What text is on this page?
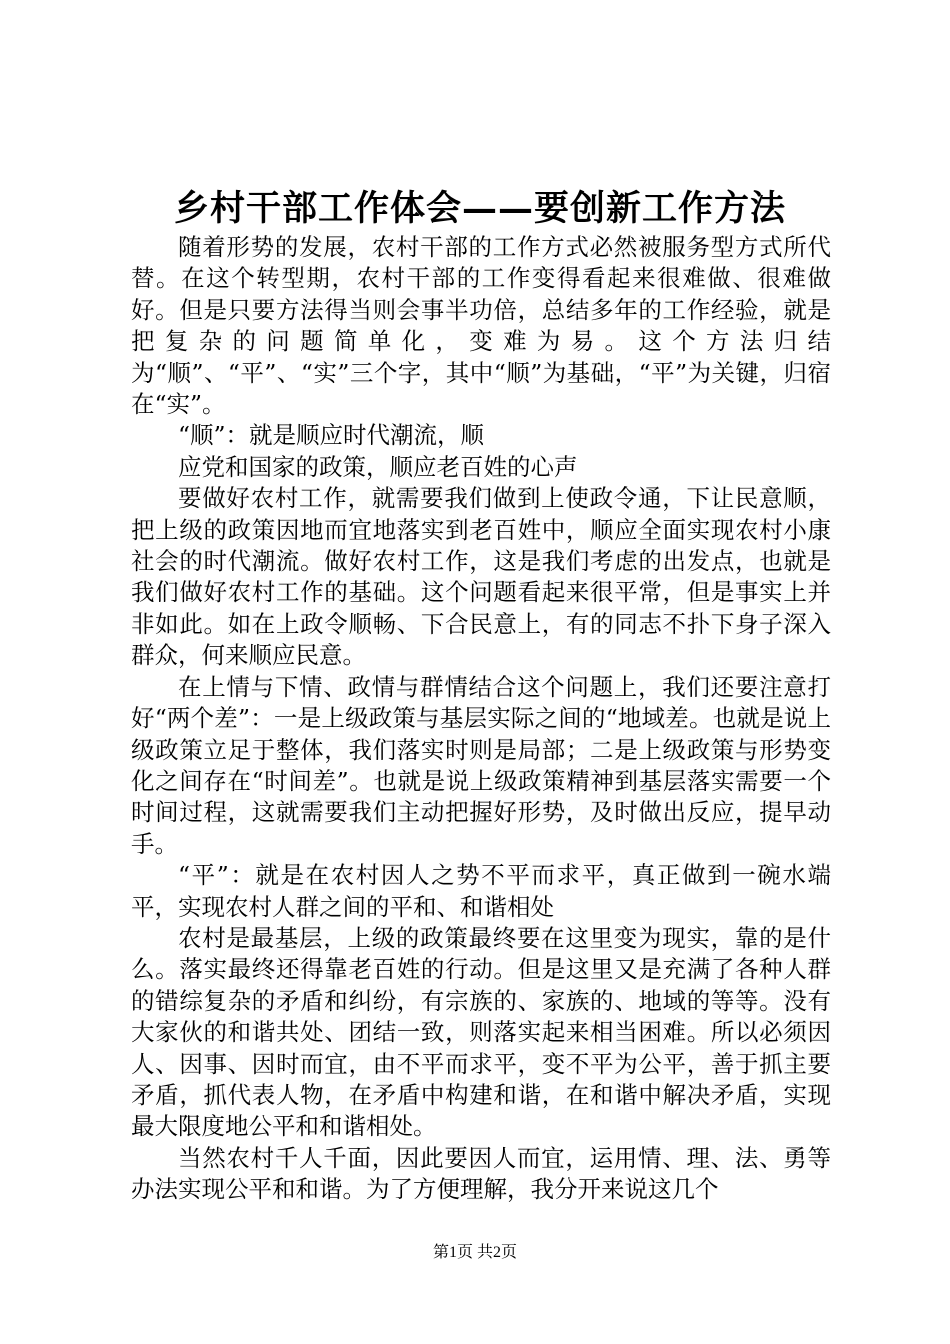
乡村干部工作体会——要创新工作方法

随着形势的发展，农村干部的工作方式必然被服务型方式所代替。在这个转型期，农村干部的工作变得看起来很难做、很难做好。但是只要方法得当则会事半功倍，总结多年的工作经验，就是把复杂的问题简单化，变难为易。这个方法归结为“顺”、“平”、“实”三个字，其中“顺”为基础，“平”为关键，归宿在“实”。

“顺”：就是顺应时代潮流，顺

应党和国家的政策，顺应老百姓的心声

要做好农村工作，就需要我们做到上使政令通，下让民意顺，把上级的政策因地而宜地落实到老百姓中，顺应全面实现农村小康社会的时代潮流。做好农村工作，这是我们考虑的出发点，也就是我们做好农村工作的基础。这个问题看起来很平常，但是事实上并非如此。如在上政令顺畅、下合民意上，有的同志不扑下身子深入群众，何来顺应民意。

在上情与下情、政情与群情结合这个问题上，我们还要注意打好“两个差”：一是上级政策与基层实际之间的“地域差。也就是说上级政策立足于整体，我们落实时则是局部；二是上级政策与形势变化之间存在“时间差”。也就是说上级政策精神到基层落实需要一个时间过程，这就需要我们主动把握好形势，及时做出反应，提早动手。

“平”：就是在农村因人之势不平而求平，真正做到一碗水端平，实现农村人群之间的平和、和谐相处

农村是最基层，上级的政策最终要在这里变为现实，靠的是什么。落实最终还得靠老百姓的行动。但是这里又是充满了各种人群的错综复杂的矛盾和纠纷，有宗族的、家族的、地域的等等。没有大家伙的和谐共处、团结一致，则落实起来相当困难。所以必须因人、因事、因时而宜，由不平而求平，变不平为公平，善于抓主要矛盾，抓代表人物，在矛盾中构建和谐，在和谐中解决矛盾，实现最大限度地公平和和谐相处。

当然农村千人千面，因此要因人而宜，运用情、理、法、勇等办法实现公平和和谐。为了方便理解，我分开来说这几个

第1页 共2页
